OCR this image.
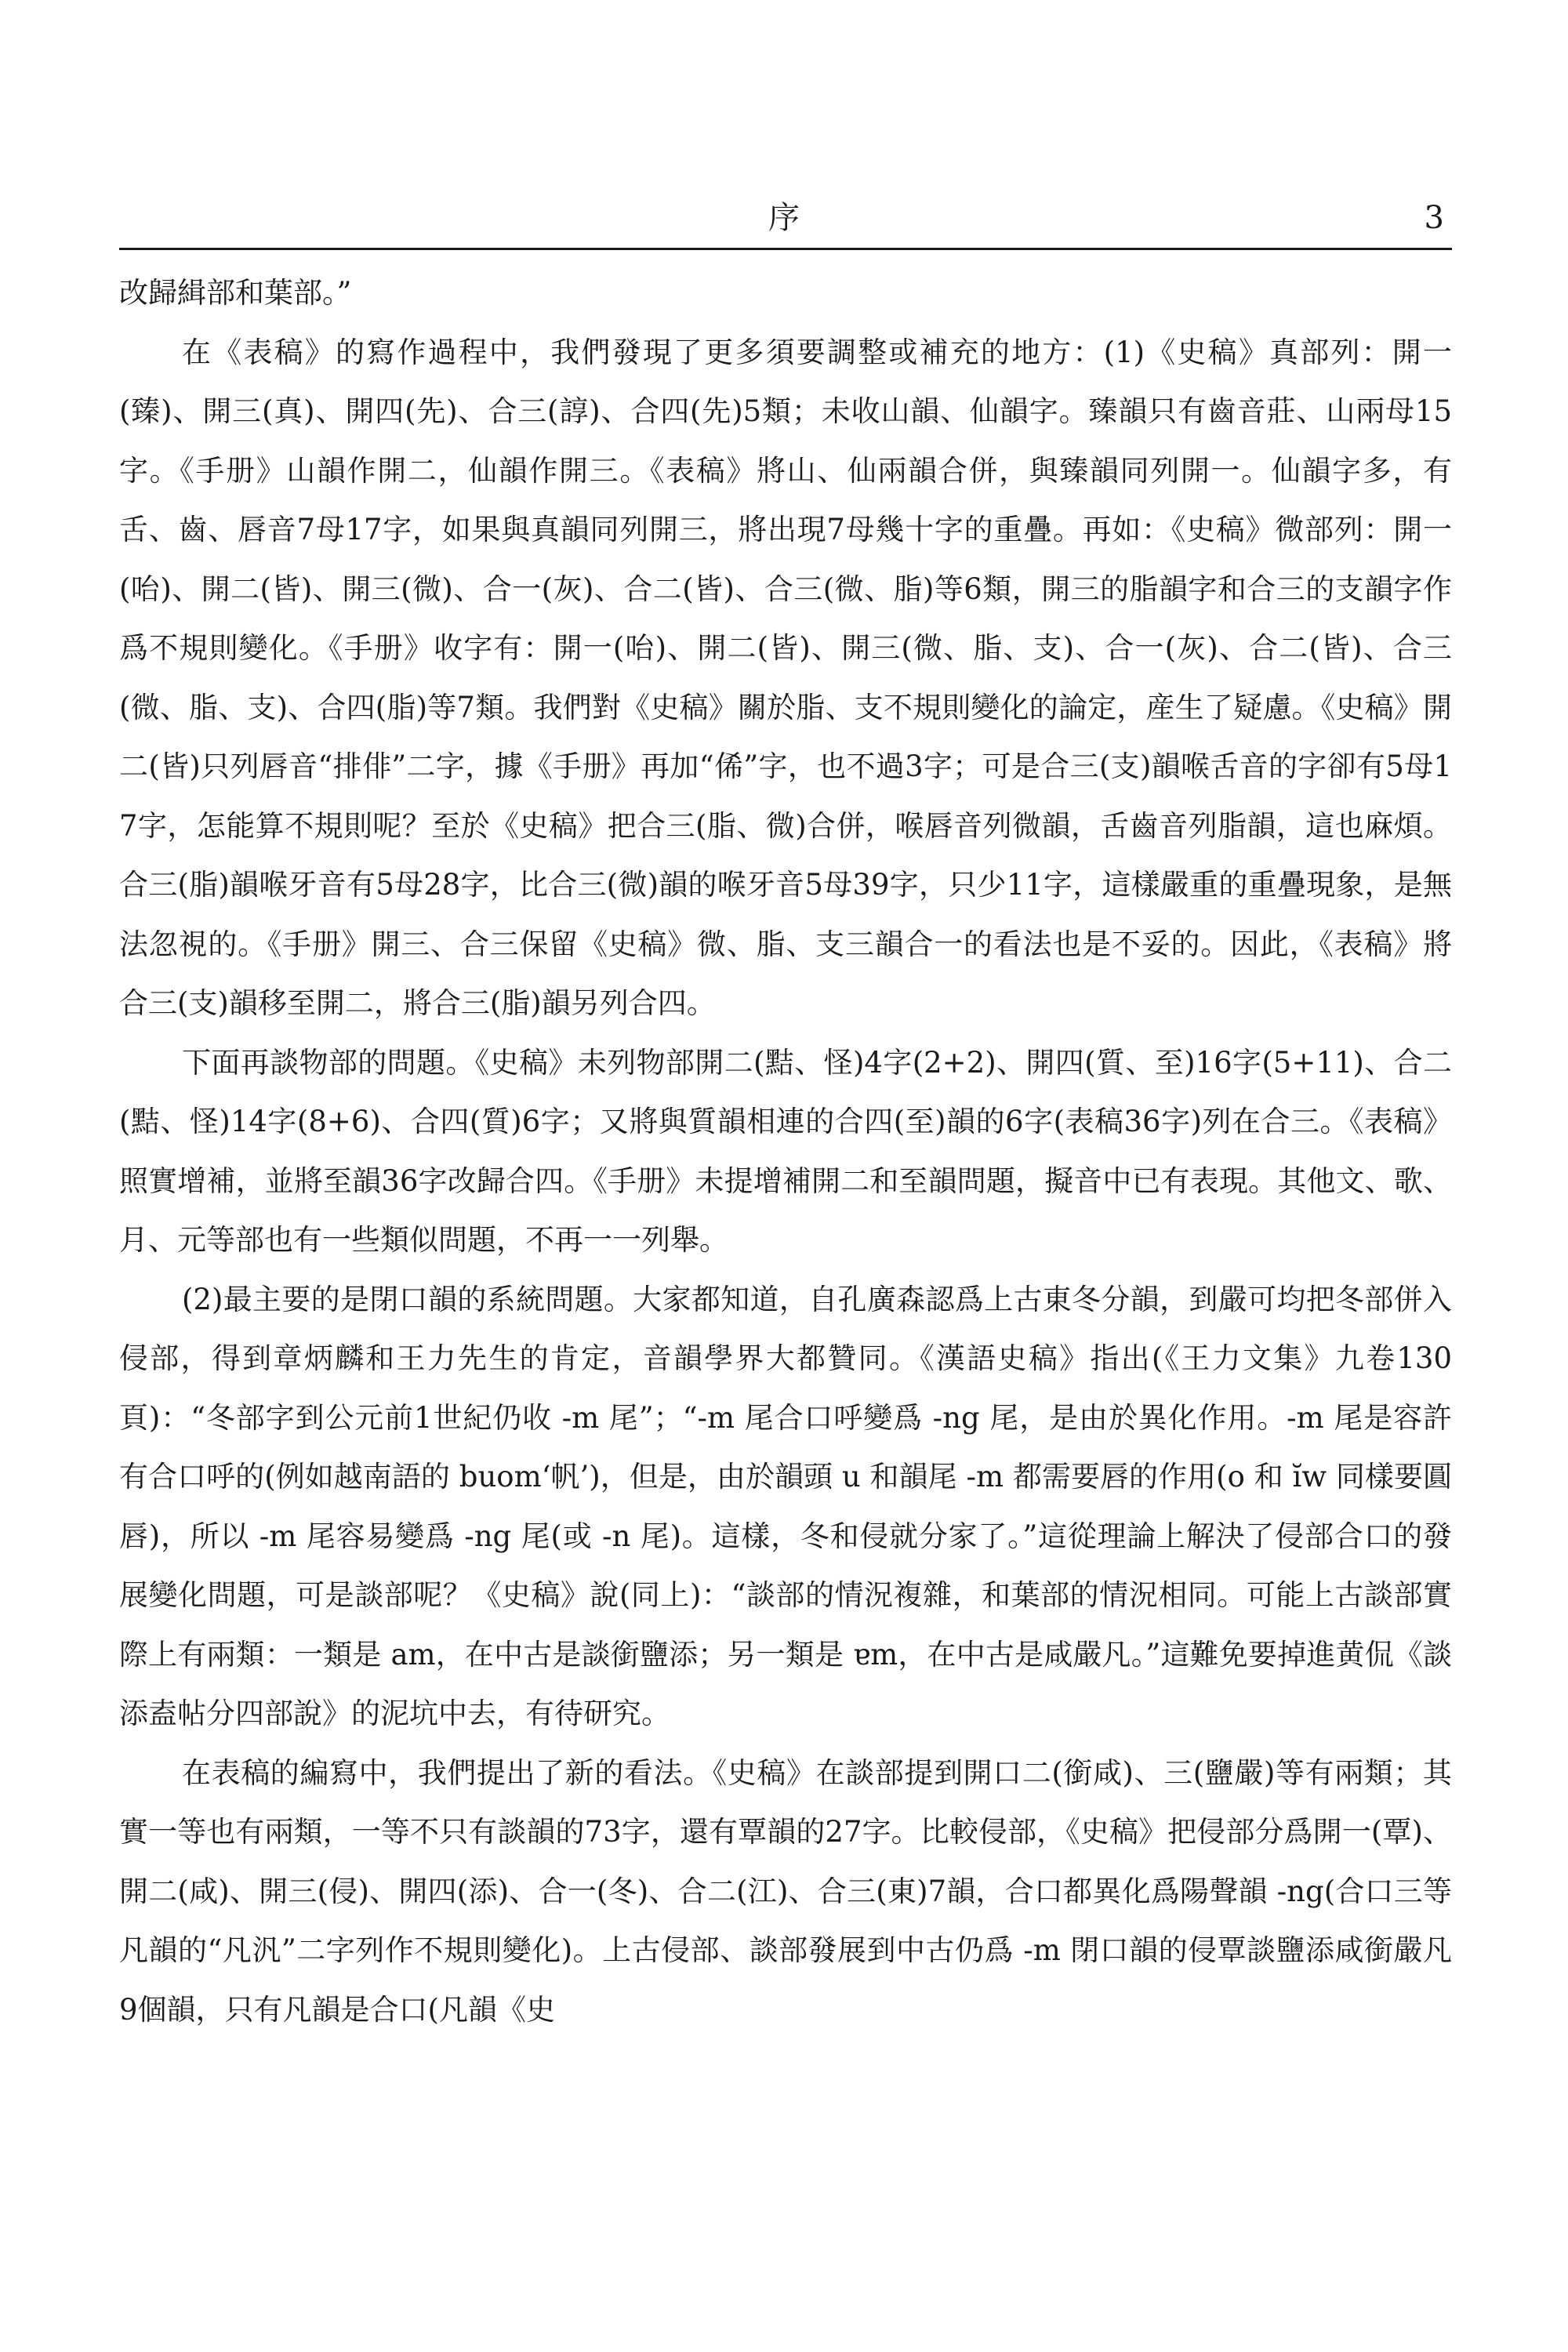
序	3

改歸緝部和葉部。”

在《表稿》的寫作過程中，我們發現了更多須要調整或補充的地方：(1)《史稿》真部列：開一(臻)、開三(真)、開四(先)、合三(諄)、合四(先)5類；未收山韻、仙韻字。臻韻只有齒音莊、山兩母15字。《手册》山韻作開二，仙韻作開三。《表稿》將山、仙兩韻合併，與臻韻同列開一。仙韻字多，有舌、齒、唇音7母17字，如果與真韻同列開三，將出現7母幾十字的重疊。再如：《史稿》微部列：開一(咍)、開二(皆)、開三(微)、合一(灰)、合二(皆)、合三(微、脂)等6類，開三的脂韻字和合三的支韻字作爲不規則變化。《手册》收字有：開一(咍)、開二(皆)、開三(微、脂、支)、合一(灰)、合二(皆)、合三(微、脂、支)、合四(脂)等7類。我們對《史稿》關於脂、支不規則變化的論定，産生了疑慮。《史稿》開二(皆)只列唇音“排俳”二字，據《手册》再加“俙”字，也不過3字；可是合三(支)韻喉舌音的字卻有5母17字，怎能算不規則呢？至於《史稿》把合三(脂、微)合併，喉唇音列微韻，舌齒音列脂韻，這也麻煩。合三(脂)韻喉牙音有5母28字，比合三(微)韻的喉牙音5母39字，只少11字，這樣嚴重的重疊現象，是無法忽視的。《手册》開三、合三保留《史稿》微、脂、支三韻合一的看法也是不妥的。因此，《表稿》將合三(支)韻移至開二，將合三(脂)韻另列合四。

下面再談物部的問題。《史稿》未列物部開二(黠、怪)4字(2+2)、開四(質、至)16字(5+11)、合二(黠、怪)14字(8+6)、合四(質)6字；又將與質韻相連的合四(至)韻的6字(表稿36字)列在合三。《表稿》照實增補，並將至韻36字改歸合四。《手册》未提增補開二和至韻問題，擬音中已有表現。其他文、歌、月、元等部也有一些類似問題，不再一一列舉。

(2)最主要的是閉口韻的系統問題。大家都知道，自孔廣森認爲上古東冬分韻，到嚴可均把冬部併入侵部，得到章炳麟和王力先生的肯定，音韻學界大都贊同。《漢語史稿》指出(《王力文集》九卷130頁)：“冬部字到公元前1世紀仍收 -m 尾”；“-m 尾合口呼變爲 -ng 尾，是由於異化作用。-m 尾是容許有合口呼的(例如越南語的 buom‘帆’)，但是，由於韻頭 u 和韻尾 -m 都需要唇的作用(o 和 ĭw 同樣要圓唇)，所以 -m 尾容易變爲 -ng 尾(或 -n 尾)。這樣，冬和侵就分家了。”這從理論上解決了侵部合口的發展變化問題，可是談部呢？《史稿》說(同上)：“談部的情況複雜，和葉部的情況相同。可能上古談部實際上有兩類：一類是 am，在中古是談銜鹽添；另一類是 ɐm，在中古是咸嚴凡。”這難免要掉進黄侃《談添盍帖分四部說》的泥坑中去，有待研究。

在表稿的編寫中，我們提出了新的看法。《史稿》在談部提到開口二(銜咸)、三(鹽嚴)等有兩類；其實一等也有兩類，一等不只有談韻的73字，還有覃韻的27字。比較侵部，《史稿》把侵部分爲開一(覃)、開二(咸)、開三(侵)、開四(添)、合一(冬)、合二(江)、合三(東)7韻，合口都異化爲陽聲韻 -ng(合口三等凡韻的“凡汎”二字列作不規則變化)。上古侵部、談部發展到中古仍爲 -m 閉口韻的侵覃談鹽添咸銜嚴凡9個韻，只有凡韻是合口(凡韻《史
